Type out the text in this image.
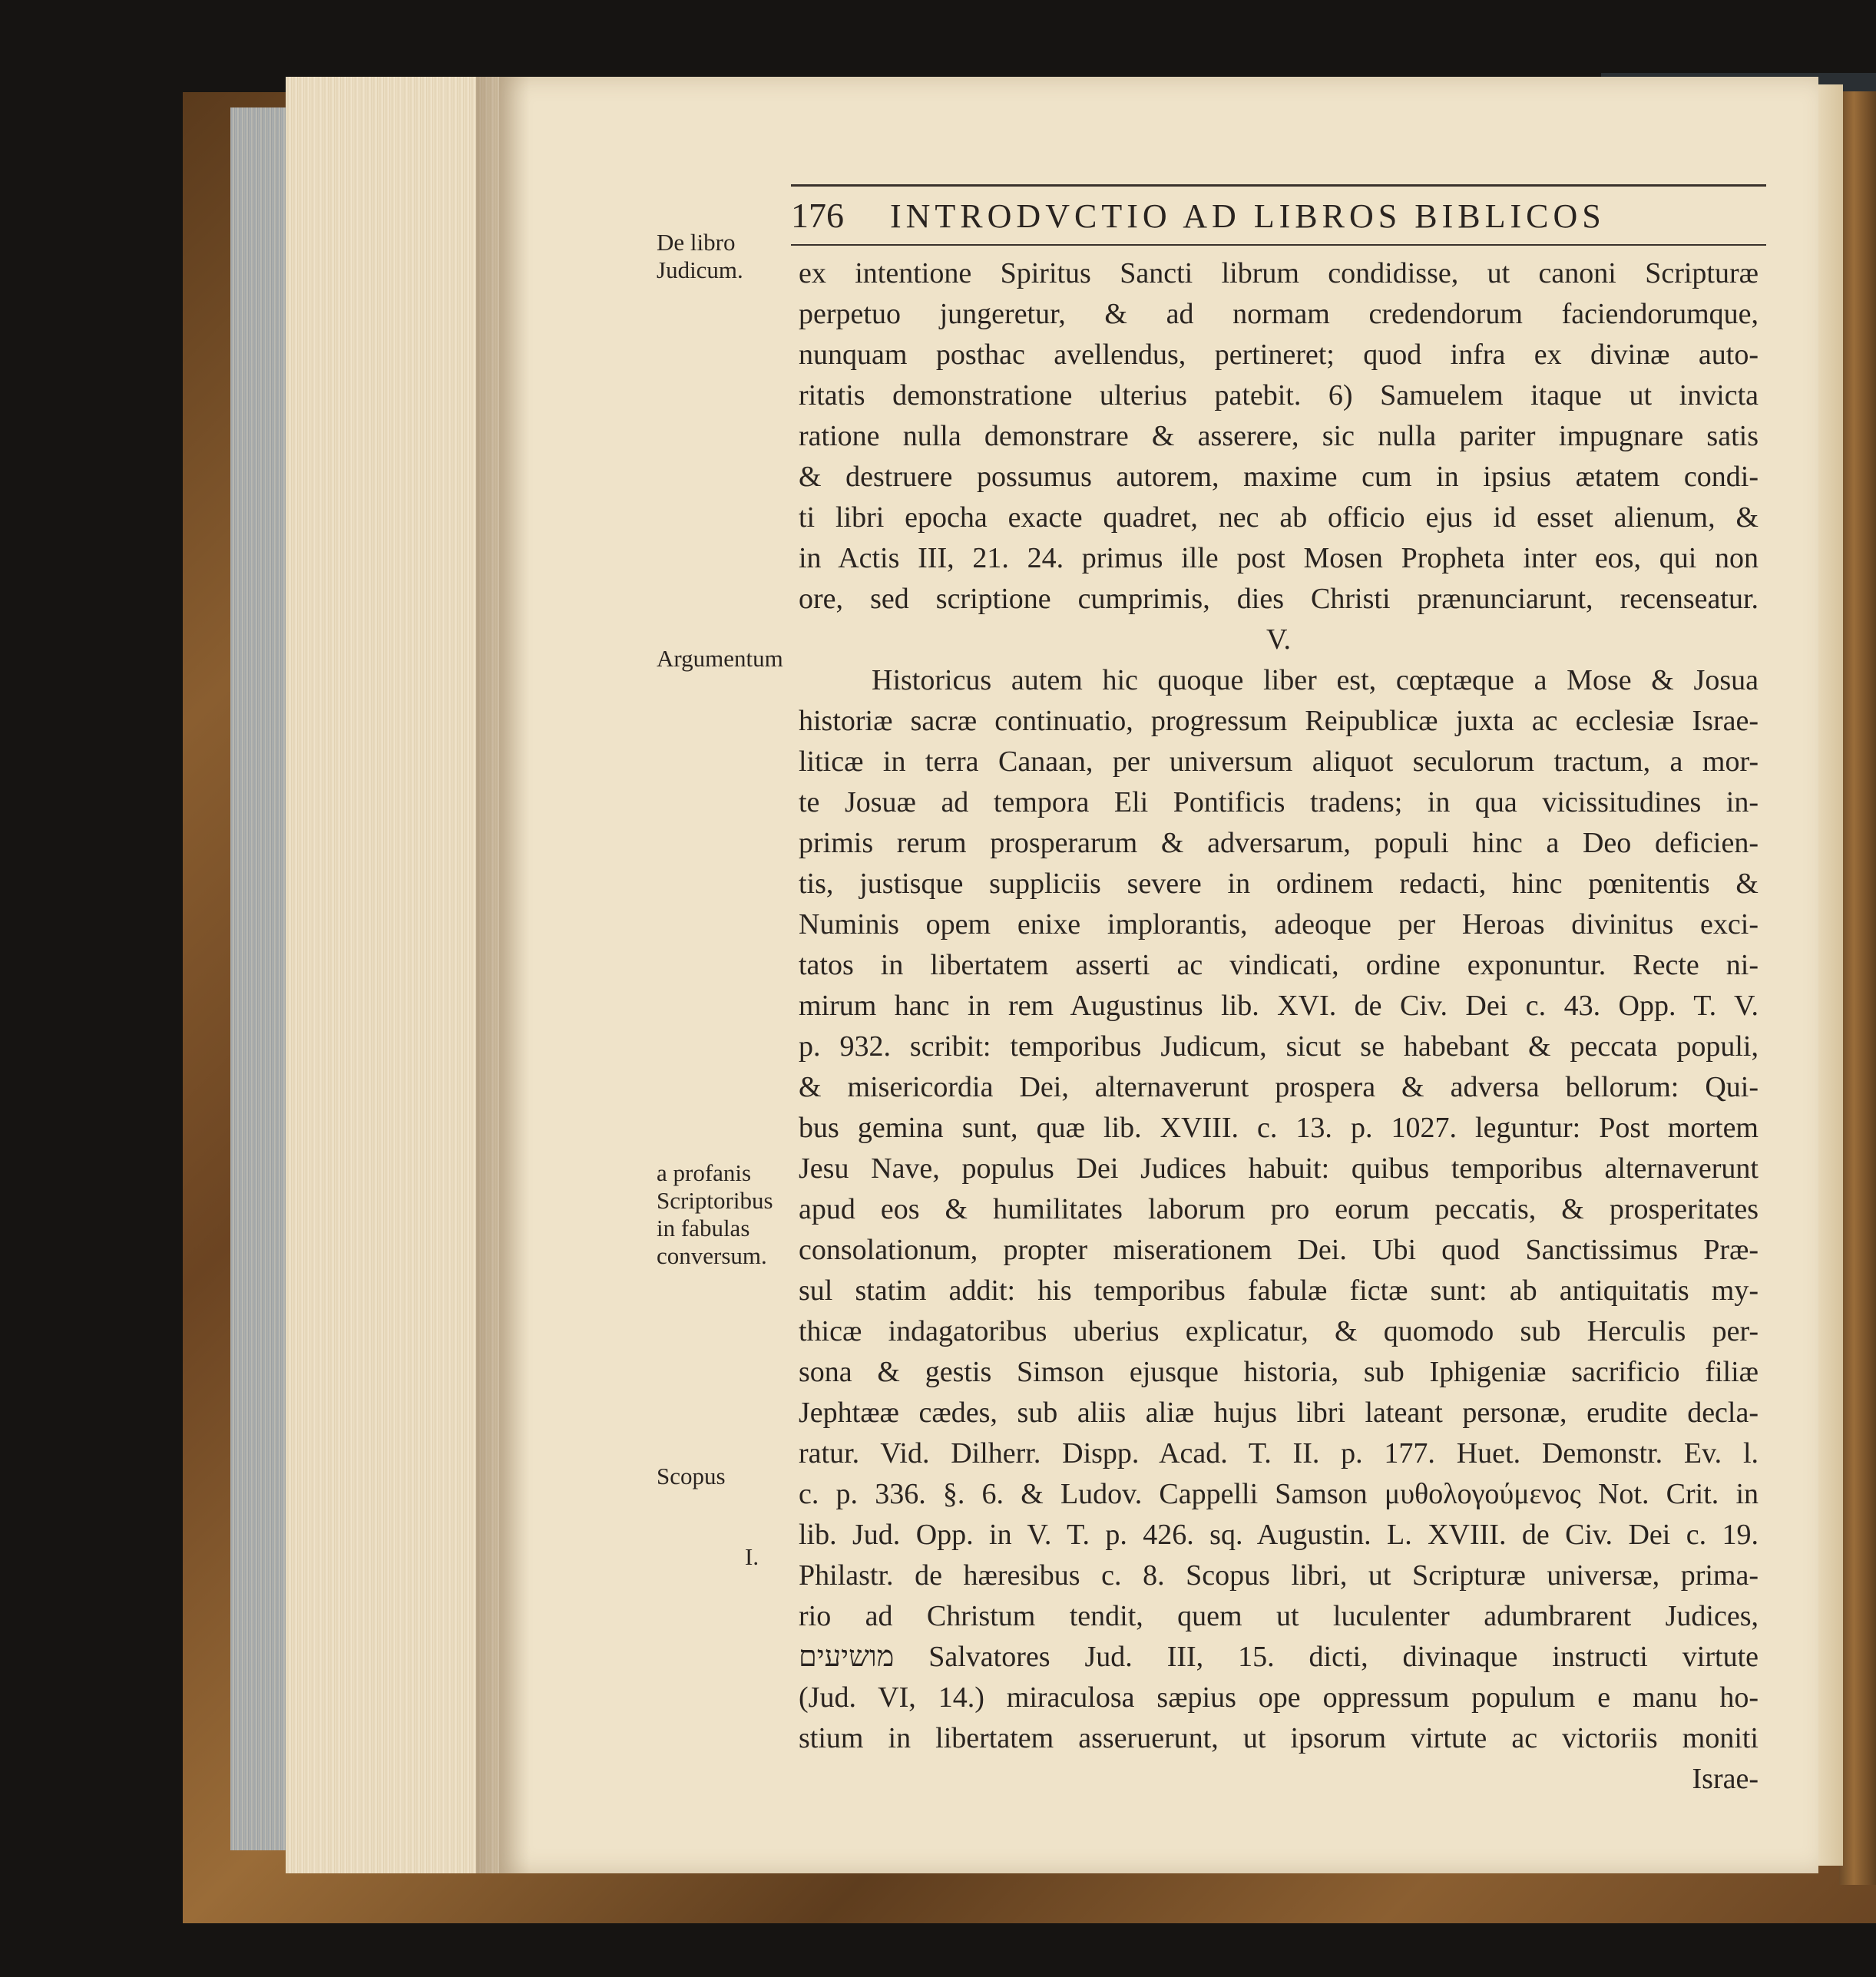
176 INTRODVCTIO AD LIBROS BIBLICOS
De libro Judicum.
Argumentum
a profanis Scriptoribus in fabulas conversum.
Scopus
I.
ex intentione Spiritus Sancti librum condidisse, ut canoni Scripturæ
perpetuo jungeretur, & ad normam credendorum faciendorumque,
nunquam posthac avellendus, pertineret; quod infra ex divinæ auto-
ritatis demonstratione ulterius patebit. 6) Samuelem itaque ut invicta
ratione nulla demonstrare & asserere, sic nulla pariter impugnare satis
& destruere possumus autorem, maxime cum in ipsius ætatem condi-
ti libri epocha exacte quadret, nec ab officio ejus id esset alienum, &
in Actis III, 21. 24. primus ille post Mosen Propheta inter eos, qui non
ore, sed scriptione cumprimis, dies Christi prænunciarunt, recenseatur.
V.
Historicus autem hic quoque liber est, cœptæque a Mose & Josua
historiæ sacræ continuatio, progressum Reipublicæ juxta ac ecclesiæ Israe-
liticæ in terra Canaan, per universum aliquot seculorum tractum, a mor-
te Josuæ ad tempora Eli Pontificis tradens; in qua vicissitudines in-
primis rerum prosperarum & adversarum, populi hinc a Deo deficien-
tis, justisque suppliciis severe in ordinem redacti, hinc pœnitentis &
Numinis opem enixe implorantis, adeoque per Heroas divinitus exci-
tatos in libertatem asserti ac vindicati, ordine exponuntur. Recte ni-
mirum hanc in rem Augustinus lib. XVI. de Civ. Dei c. 43. Opp. T. V.
p. 932. scribit: temporibus Judicum, sicut se habebant & peccata populi,
& misericordia Dei, alternaverunt prospera & adversa bellorum: Qui-
bus gemina sunt, quæ lib. XVIII. c. 13. p. 1027. leguntur: Post mortem
Jesu Nave, populus Dei Judices habuit: quibus temporibus alternaverunt
apud eos & humilitates laborum pro eorum peccatis, & prosperitates
consolationum, propter miserationem Dei. Ubi quod Sanctissimus Præ-
sul statim addit: his temporibus fabulæ fictæ sunt: ab antiquitatis my-
thicæ indagatoribus uberius explicatur, & quomodo sub Herculis per-
sona & gestis Simson ejusque historia, sub Iphigeniæ sacrificio filiæ
Jephtææ cædes, sub aliis aliæ hujus libri lateant personæ, erudite decla-
ratur. Vid. Dilherr. Dispp. Acad. T. II. p. 177. Huet. Demonstr. Ev. l.
c. p. 336. §. 6. & Ludov. Cappelli Samson μυθολογούμενος Not. Crit. in
lib. Jud. Opp. in V. T. p. 426. sq. Augustin. L. XVIII. de Civ. Dei c. 19.
Philastr. de hæresibus c. 8. Scopus libri, ut Scripturæ universæ, prima-
rio ad Christum tendit, quem ut luculenter adumbrarent Judices,
מושיעים Salvatores Jud. III, 15. dicti, divinaque instructi virtute
(Jud. VI, 14.) miraculosa sæpius ope oppressum populum e manu ho-
stium in libertatem asseruerunt, ut ipsorum virtute ac victoriis moniti
Israe-
